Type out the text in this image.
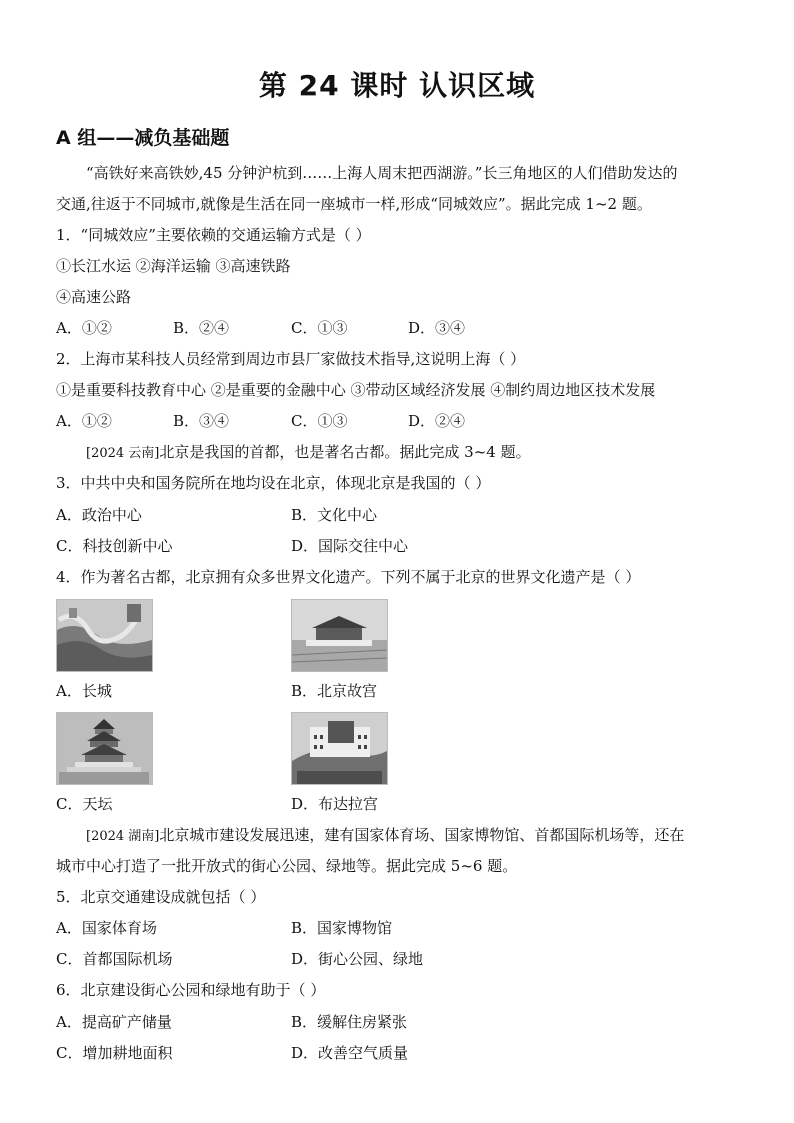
第 24 课时 认识区域
A 组——减负基础题
“高铁好来高铁妙,45 分钟沪杭到……上海人周末把西湖游。”长三角地区的人们借助发达的
交通,往返于不同城市,就像是生活在同一座城市一样,形成“同城效应”。据此完成 1~2 题。
1．“同城效应”主要依赖的交通运输方式是（ ）
①长江水运 ②海洋运输 ③高速铁路
④高速公路
A．①②	B．②④	C．①③	D．③④
2．上海市某科技人员经常到周边市县厂家做技术指导,这说明上海（ ）
①是重要科技教育中心 ②是重要的金融中心 ③带动区域经济发展 ④制约周边地区技术发展
A．①②	B．③④	C．①③	D．②④
[2024 云南]北京是我国的首都，也是著名古都。据此完成 3~4 题。
3．中共中央和国务院所在地均设在北京，体现北京是我国的（ ）
A．政治中心	B．文化中心
C．科技创新中心	D．国际交往中心
4．作为著名古都，北京拥有众多世界文化遗产。下列不属于北京的世界文化遗产是（ ）
A．长城	B．北京故宫
C．天坛	D．布达拉宫
[2024 湖南]北京城市建设发展迅速，建有国家体育场、国家博物馆、首都国际机场等，还在
城市中心打造了一批开放式的街心公园、绿地等。据此完成 5~6 题。
5．北京交通建设成就包括（ ）
A．国家体育场	B．国家博物馆
C．首都国际机场	D．街心公园、绿地
6．北京建设街心公园和绿地有助于（ ）
A．提高矿产储量	B．缓解住房紧张
C．增加耕地面积	D．改善空气质量
